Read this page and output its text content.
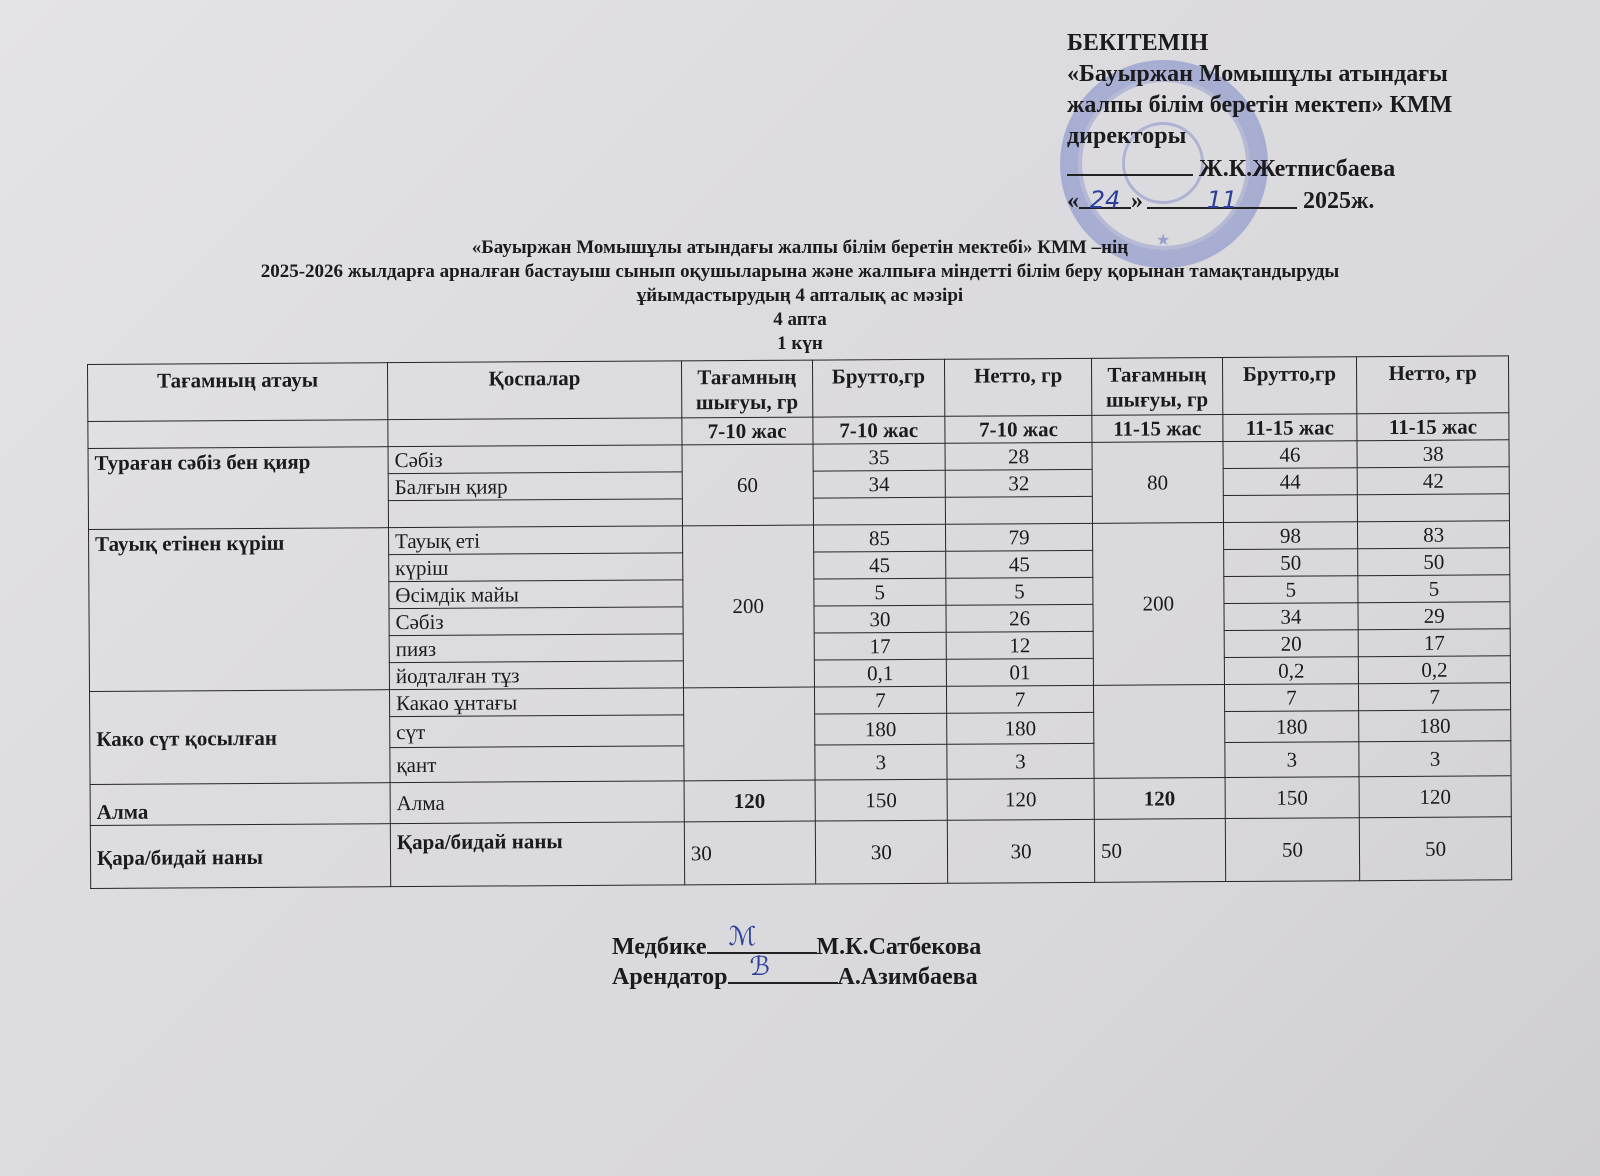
★
БЕКІТЕМІН
«Бауыржан Момышұлы атындағы
жалпы білім беретін мектеп» КММ
директоры
Ж.К.Жетписбаева
« 24 »	11	2025ж.
«Бауыржан Момышұлы атындағы жалпы білім беретін мектебі» КММ –нің
2025-2026 жылдарға арналған бастауыш сынып оқушыларына және жалпыға міндетті білім беру қорынан тамақтандыруды
ұйымдастырудың 4 апталық ас мәзірі
4 апта
1 күн
Тағамның атауы	Қоспалар	Тағамның шығуы, гр	Брутто,гр	Нетто, гр	Тағамның шығуы, гр	Брутто,гр	Нетто, гр
		7-10 жас	7-10 жас	7-10 жас	11-15 жас	11-15 жас	11-15 жас
Тураған сәбіз бен қияр	Сәбіз	60	35	28	80	46	38
	Балғын қияр		34	32		44	42

Тауық етінен күріш	Тауық еті	200	85	79	200	98	83
	күріш		45	45		50	50
	Өсімдік майы		5	5		5	5
	Сәбіз		30	26		34	29
	пияз		17	12		20	17
	йодталған тұз		0,1	01		0,2	0,2
Како сүт қосылған	Какао ұнтағы		7	7		7	7
	сүт		180	180		180	180
	қант		3	3		3	3
Алма	Алма	120	150	120	120	150	120
Қара/бидай наны	Қара/бидай наны	30	30	30	50	50	50
Медбике ℳ	М.К.Сатбекова
Арендатор ℬ	А.Азимбаева
